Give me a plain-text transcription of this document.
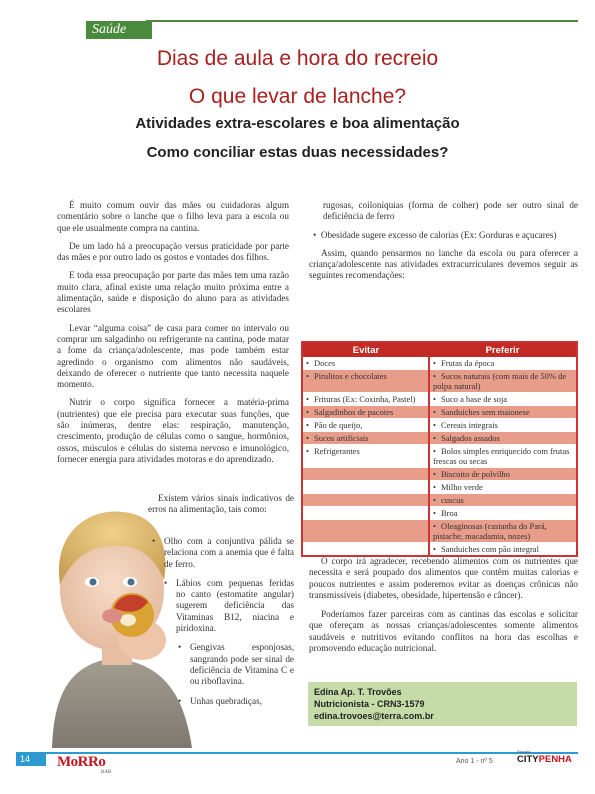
Saúde
Dias de aula e hora do recreio
O que levar de lanche?
Atividades extra-escolares e boa alimentação
Como conciliar estas duas necessidades?

É muito comum ouvir das mães ou cuidadoras algum comentário sobre o lanche que o filho leva para a escola ou que ele usualmente compra na cantina.

De um lado há a preocupação versus praticidade por parte das mães e por outro lado os gostos e vontades dos filhos.

E toda essa preocupação por parte das mães tem uma razão muito clara, afinal existe uma relação muito próxima entre a alimentação, saúde e disposição do aluno para as atividades escolares

Levar “alguma coisa” de casa para comer no intervalo ou comprar um salgadinho ou refrigerante na cantina, pode matar a fome da criança/adolescente, mas pode também estar agredindo o organismo com alimentos não saudáveis, deixando de oferecer o nutriente que tanto necessita naquele momento.

Nutrir o corpo significa fornecer a matéria-prima (nutrientes) que ele precisa para executar suas funções, que são inúmeras, dentre elas: respiração, manutenção, crescimento, produção de células como o sangue, hormônios, ossos, músculos e células do sistema nervoso e imunológico, fornecer energia para atividades motoras e do aprendizado.

Existem vários sinais indicativos de erros na alimentação, tais como:
• Olho com a conjuntiva pálida se relaciona com a anemia que é falta de ferro.
• Lábios com pequenas feridas no canto (estomatite angular) sugerem deficiência das Vitaminas B12, niacina e piridoxina.
• Gengivas esponjosas, sangrando pode ser sinal de deficiência de Vitamina C e ou riboflavina.
• Unhas quebradiças,

rugosas, coiloníquias (forma de colher) pode ser outro sinal de deficiência de ferro

•  Obesidade sugere excesso de calorias (Ex: Gorduras e açucares)

Assim, quando pensarmos no lanche da escola ou para oferecer a criança/adolescente nas atividades extracurriculares devemos seguir as seguintes recomendações:

Evitar	Preferir
• Doces	• Frutas da época
• Pirulitos e chocolates	• Sucos naturais (com mais de 50% de polpa natural)
• Frituras (Ex: Coxinha, Pastel)	• Suco a base de soja
• Salgadinhos de pacotes	• Sanduiches sem maionese
• Pão de queijo,	• Cereais integrais
• Sucos artificiais	• Salgados assados
• Refrigerantes	• Bolos simples enriquecido com frutas frescas ou secas
	• Biscoito de polvilho
	• Milho verde
	• cuscus
	• Broa
	• Oleaginosas (castanha do Pará, pistache, macadamia, nozes)
	• Sanduiches com pão integral

O corpo irá agradecer, recebendo alimentos com os nutrientes que necessita e será poupado dos alimentos que contêm muitas calorias e poucos nutrientes e assim poderemos evitar as doenças crônicas não transmissíveis (diabetes, obesidade, hipertensão e câncer).

Poderíamos fazer parceiras com as cantinas das escolas e solicitar que ofereçam as nossas crianças/adolescentes somente alimentos saudáveis e nutritivos evitando conflitos na hora das escolhas e promovendo educação nutricional.

Edina Ap. T. Trovões
Nutricionista - CRN3-1579
edina.trovoes@terra.com.br
14	MoRRo
BAR
Ano 1 - nº 5
Revista
CITYPENHA
